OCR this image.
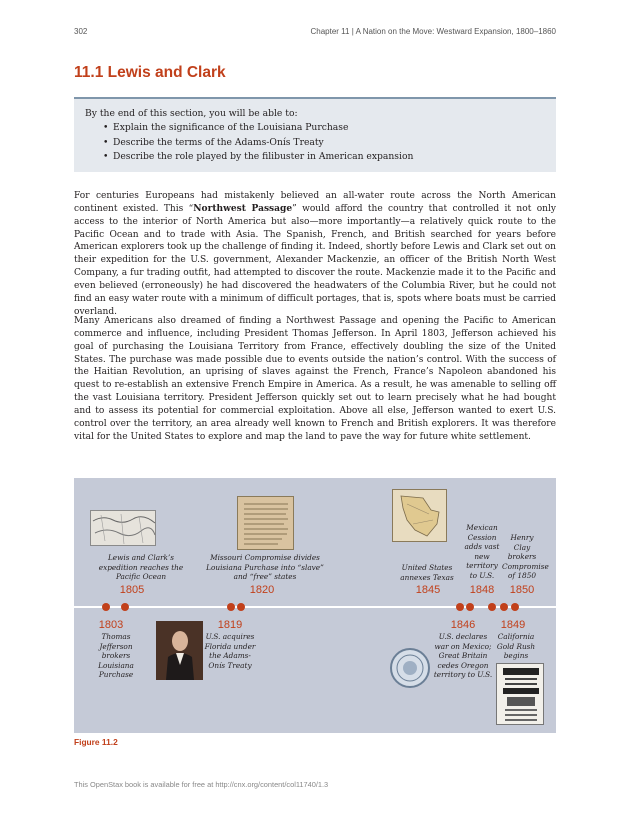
302	Chapter 11 | A Nation on the Move: Westward Expansion, 1800–1860
11.1 Lewis and Clark
By the end of this section, you will be able to:
• Explain the significance of the Louisiana Purchase
• Describe the terms of the Adams-Onís Treaty
• Describe the role played by the filibuster in American expansion

For centuries Europeans had mistakenly believed an all-water route across the North American continent existed. This “Northwest Passage” would afford the country that controlled it not only access to the interior of North America but also—more importantly—a relatively quick route to the Pacific Ocean and to trade with Asia. The Spanish, French, and British searched for years before American explorers took up the challenge of finding it. Indeed, shortly before Lewis and Clark set out on their expedition for the U.S. government, Alexander Mackenzie, an officer of the British North West Company, a fur trading outfit, had attempted to discover the route. Mackenzie made it to the Pacific and even believed (erroneously) he had discovered the headwaters of the Columbia River, but he could not find an easy water route with a minimum of difficult portages, that is, spots where boats must be carried overland.

Many Americans also dreamed of finding a Northwest Passage and opening the Pacific to American commerce and influence, including President Thomas Jefferson. In April 1803, Jefferson achieved his goal of purchasing the Louisiana Territory from France, effectively doubling the size of the United States. The purchase was made possible due to events outside the nation’s control. With the success of the Haitian Revolution, an uprising of slaves against the French, France’s Napoleon abandoned his quest to re-establish an extensive French Empire in America. As a result, he was amenable to selling off the vast Louisiana territory. President Jefferson quickly set out to learn precisely what he had bought and to assess its potential for commercial exploitation. Above all else, Jefferson wanted to exert U.S. control over the territory, an area already well known to French and British explorers. It was therefore vital for the United States to explore and map the land to pave the way for future white settlement.

1805	1820	1845	1848	1850
1803	1819	1846	1849
Lewis and Clark’s expedition reaches the Pacific Ocean
Missouri Compromise divides Louisiana Purchase into “slave” and “free” states
United States annexes Texas
Mexican Cession adds vast new territory to U.S.
Henry Clay brokers Compromise of 1850
Thomas Jefferson brokers Louisiana Purchase
U.S. acquires Florida under the Adams-Onís Treaty
U.S. declares war on Mexico; Great Britain cedes Oregon territory to U.S.
California Gold Rush begins
Figure 11.2
This OpenStax book is available for free at http://cnx.org/content/col11740/1.3
